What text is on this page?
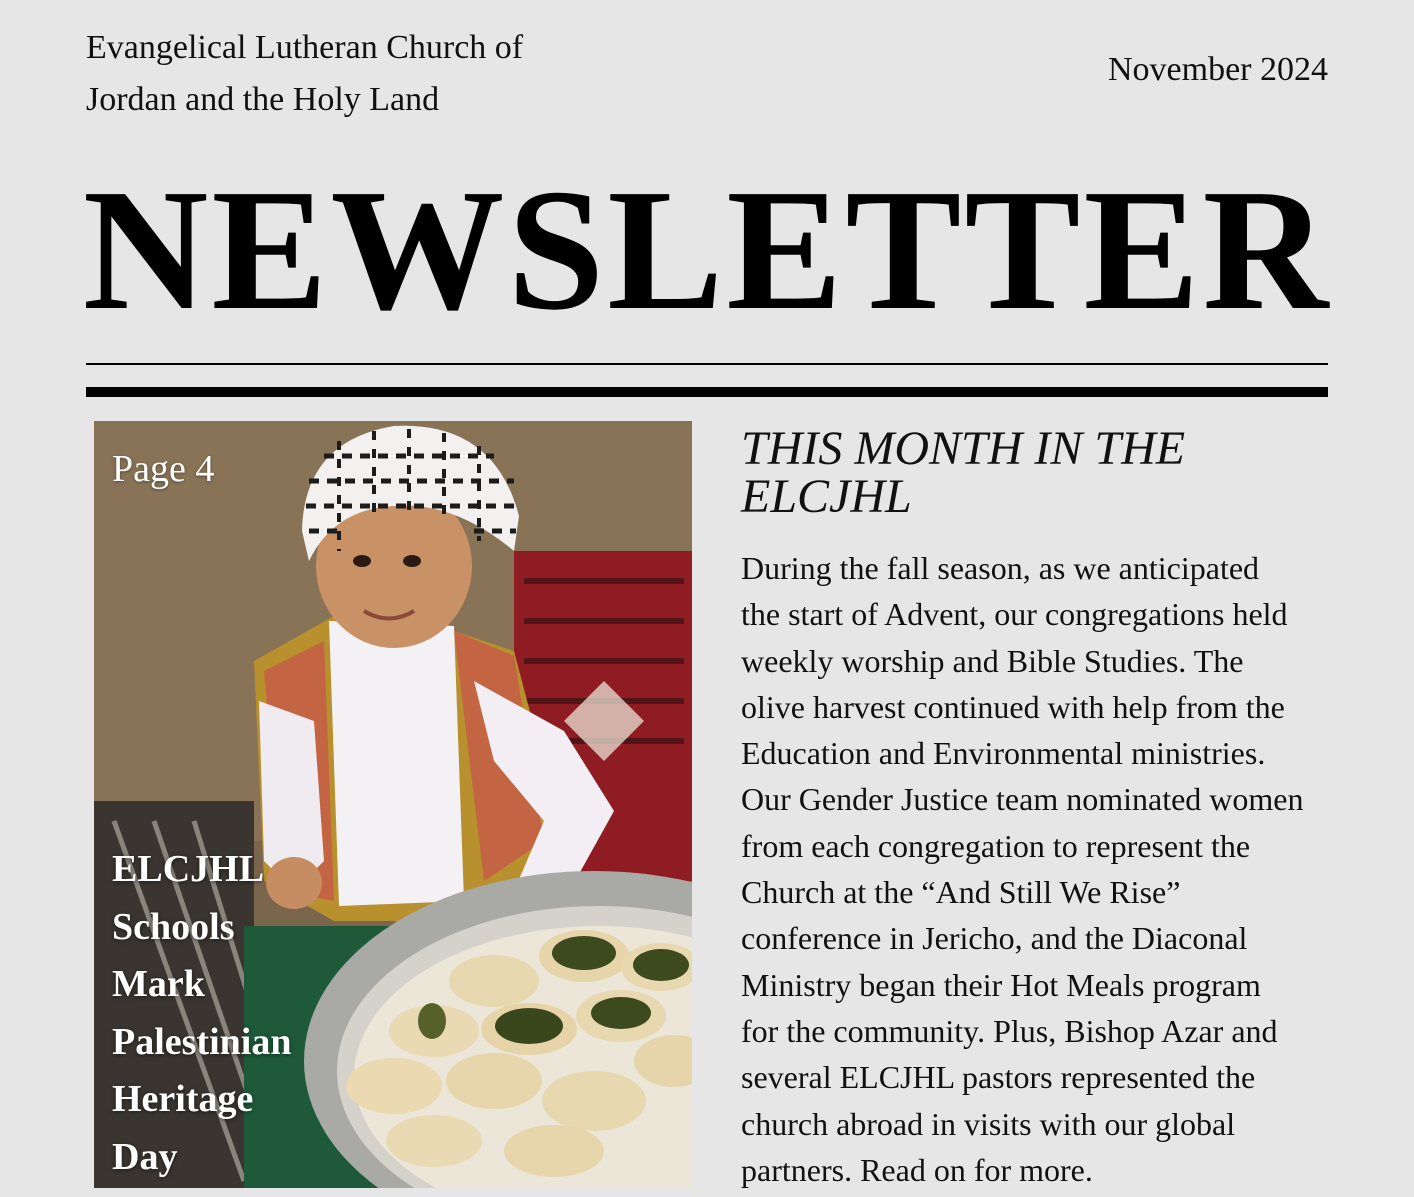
Evangelical Lutheran Church of
Jordan and the Holy Land
November 2024
NEWSLETTER
Page 4
ELCJHL
Schools
Mark
Palestinian
Heritage
Day
THIS MONTH IN THE
ELCJHL
During the fall season, as we anticipated
the start of Advent, our congregations held
weekly worship and Bible Studies. The
olive harvest continued with help from the
Education and Environmental ministries.
Our Gender Justice team nominated women
from each congregation to represent the
Church at the “And Still We Rise”
conference in Jericho, and the Diaconal
Ministry began their Hot Meals program
for the community. Plus, Bishop Azar and
several ELCJHL pastors represented the
church abroad in visits with our global
partners. Read on for more.
